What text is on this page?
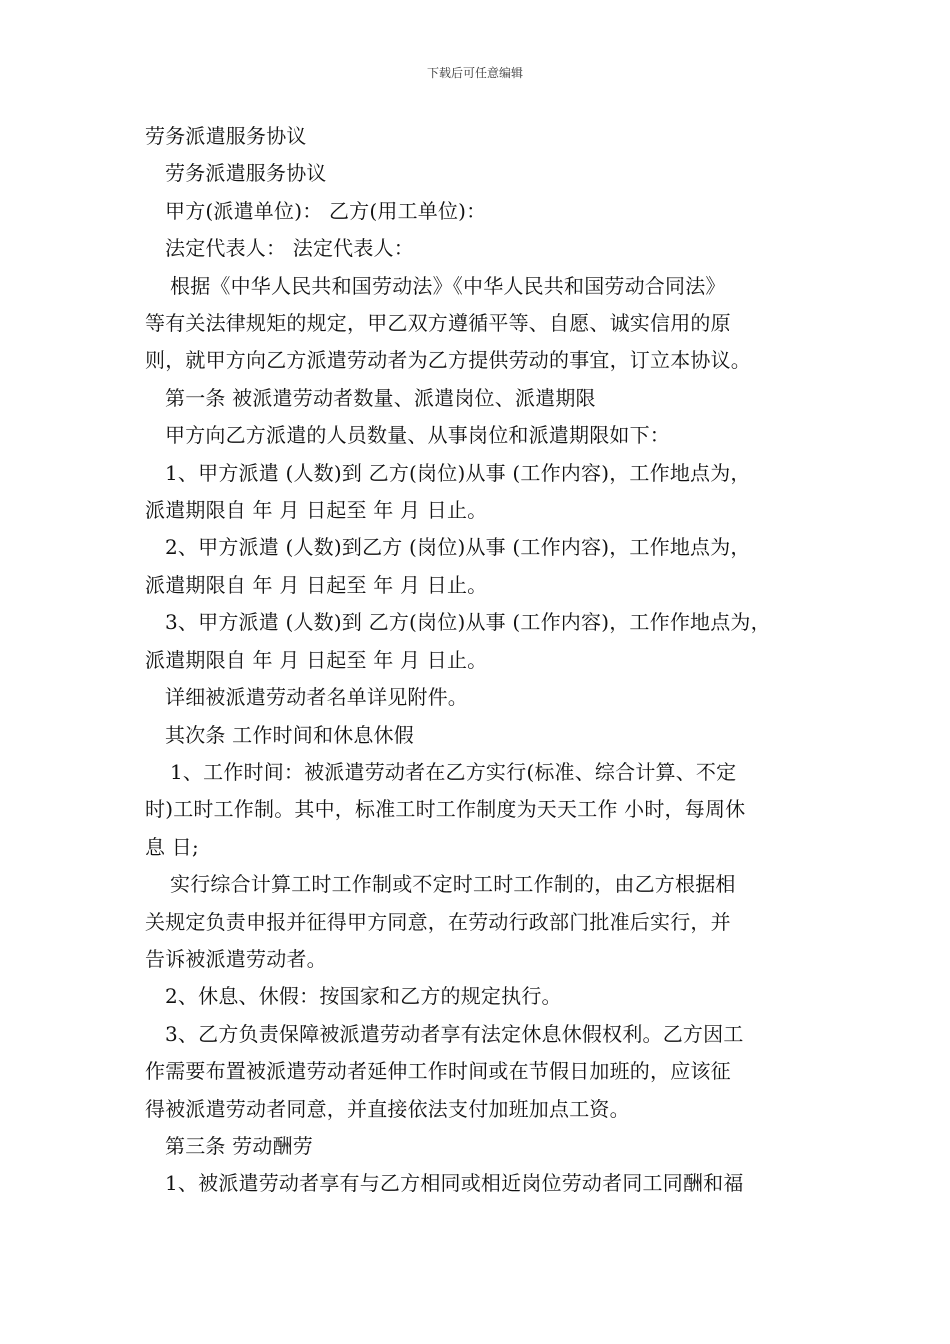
下载后可任意编辑
劳务派遣服务协议
劳务派遣服务协议
甲方(派遣单位)： 乙方(用工单位)：
法定代表人： 法定代表人：
根据《中华人民共和国劳动法》《中华人民共和国劳动合同法》
等有关法律规矩的规定，甲乙双方遵循平等、自愿、诚实信用的原
则，就甲方向乙方派遣劳动者为乙方提供劳动的事宜，订立本协议。
第一条 被派遣劳动者数量、派遣岗位、派遣期限
甲方向乙方派遣的人员数量、从事岗位和派遣期限如下：
1、甲方派遣 (人数)到 乙方(岗位)从事 (工作内容)，工作地点为，
派遣期限自 年 月 日起至 年 月 日止。
2、甲方派遣 (人数)到乙方 (岗位)从事 (工作内容)，工作地点为，
派遣期限自 年 月 日起至 年 月 日止。
3、甲方派遣 (人数)到 乙方(岗位)从事 (工作内容)，工作作地点为，
派遣期限自 年 月 日起至 年 月 日止。
详细被派遣劳动者名单详见附件。
其次条 工作时间和休息休假
1、工作时间：被派遣劳动者在乙方实行(标准、综合计算、不定
时)工时工作制。其中，标准工时工作制度为天天工作 小时，每周休
息 日;
实行综合计算工时工作制或不定时工时工作制的，由乙方根据相
关规定负责申报并征得甲方同意，在劳动行政部门批准后实行，并
告诉被派遣劳动者。
2、休息、休假：按国家和乙方的规定执行。
3、乙方负责保障被派遣劳动者享有法定休息休假权利。乙方因工
作需要布置被派遣劳动者延伸工作时间或在节假日加班的，应该征
得被派遣劳动者同意，并直接依法支付加班加点工资。
第三条 劳动酬劳
1、被派遣劳动者享有与乙方相同或相近岗位劳动者同工同酬和福
